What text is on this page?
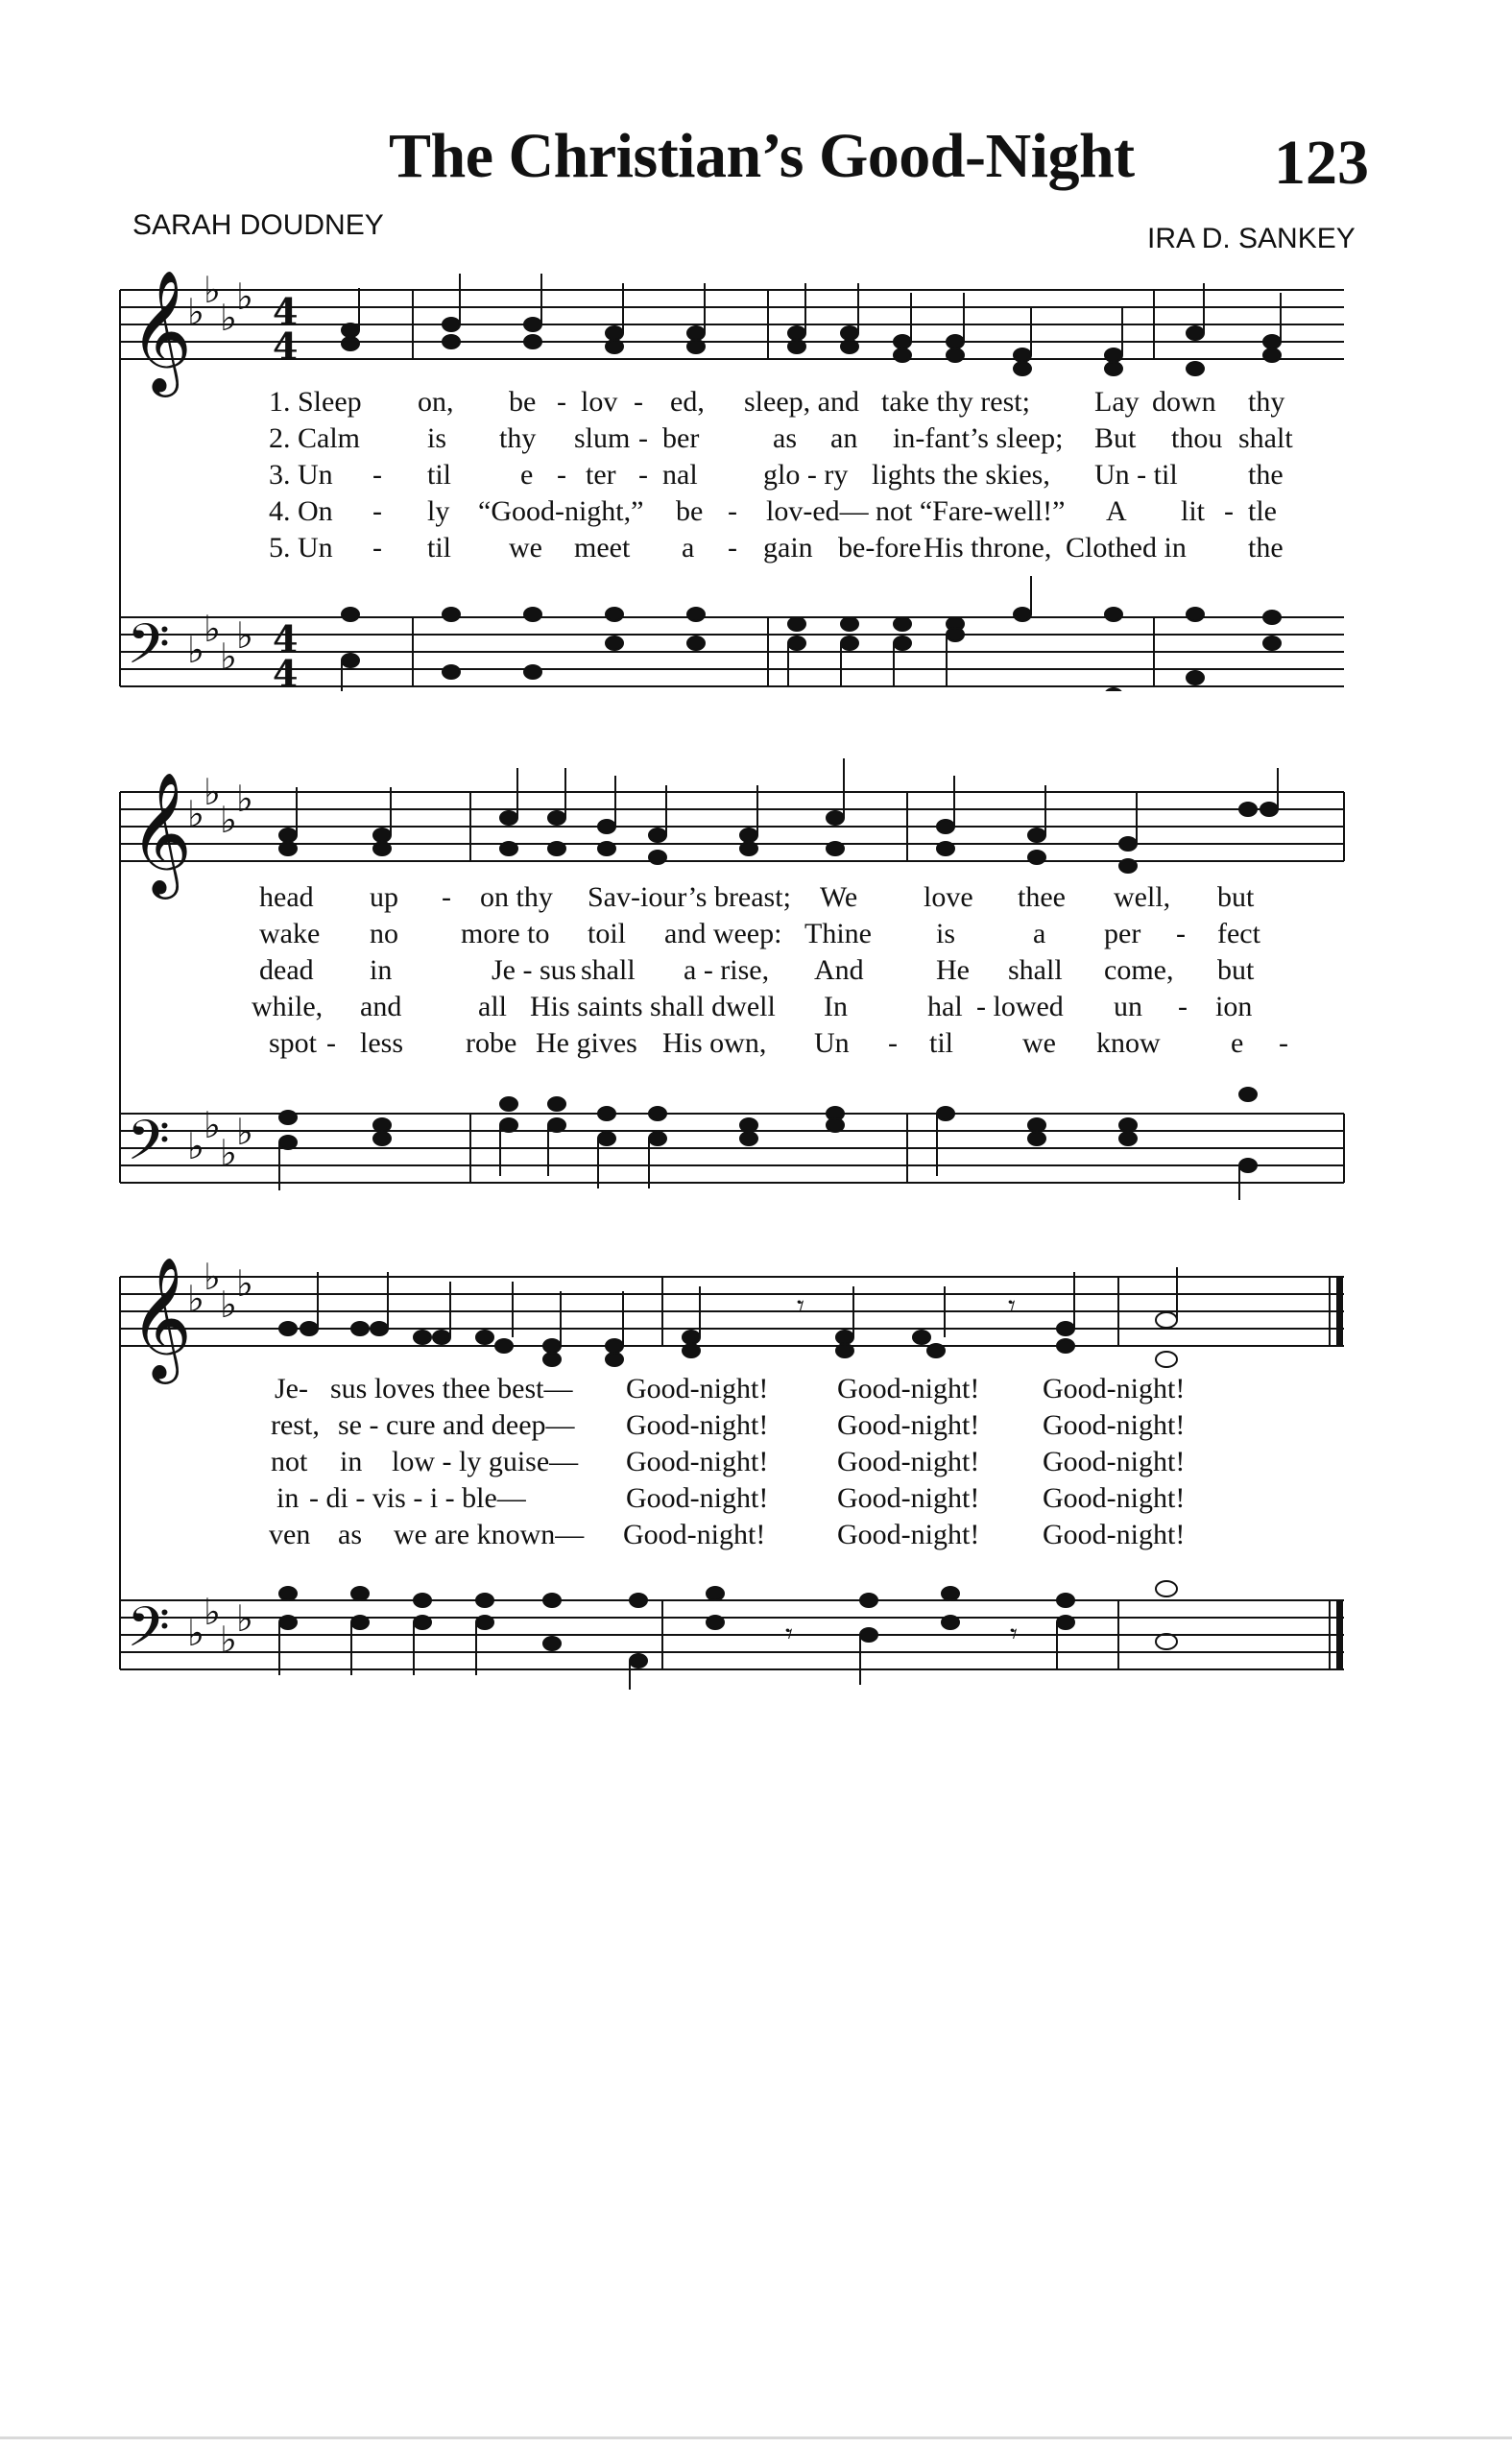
The Christian’s Good-Night 123
SARAH DOUDNEY	IRA D. SANKEY
𝄞
𝄢
♭
♭
♭ ♭
♭ ♭
♭ ♭
4
4
4
4
1. Sleep on, be - lov - ed, sleep, and take thy rest; Lay down thy
2. Calm is thy slum - ber	as an in-fant’s sleep; But thou shalt
3. Un - til e - ter - nal glo - ry lights the skies, Un - til the
4. On - ly “Good-night,” be - lov-ed— not “Fare-well!” A lit - tle
5. Un - til we meet a - gain be-fore His throne, Clothed in the
𝄞
𝄢
♭
♭
♭ ♭
♭ ♭
♭ ♭
head up - on thy Sav-iour’s breast; We love thee well, but
wake no more to toil and weep: Thine is	a per - fect
dead in	Je - sus shall a - rise, And	He shall come, but
while, and	all His saints shall dwell In	hal - lowed un - ion
spot - less robe He gives His own, Un - til we know e -
𝄞
𝄢
♭
♭
♭ ♭
♭ ♭
♭ ♭
𝄾	𝄾
𝄾	𝄾
Je- sus loves thee best— Good-night! Good-night! Good-night!
rest, se - cure and deep— Good-night! Good-night! Good-night!
not in low - ly guise— Good-night! Good-night! Good-night!
in - di - vis - i - ble—	Good-night! Good-night! Good-night!
ven as we are known— Good-night! Good-night! Good-night!
